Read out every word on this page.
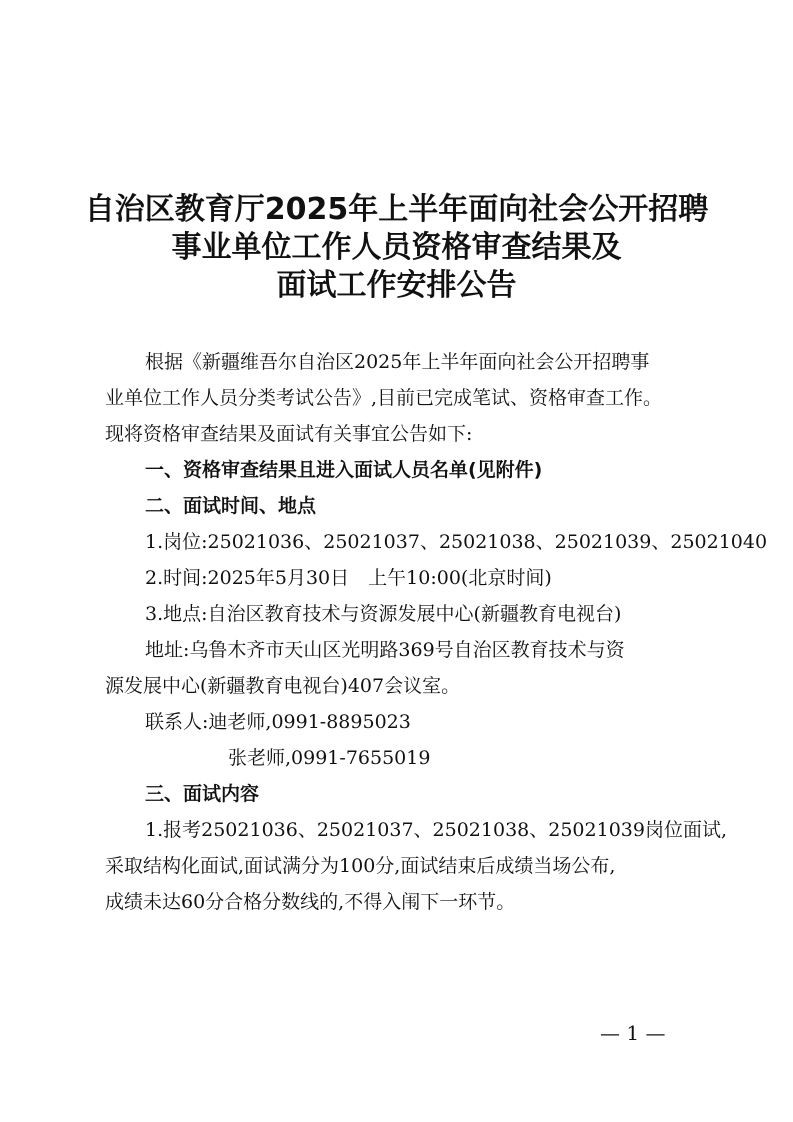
自治区教育厅2025年上半年面向社会公开招聘
事业单位工作人员资格审查结果及
面试工作安排公告
根据《新疆维吾尔自治区2025年上半年面向社会公开招聘事
业单位工作人员分类考试公告》,目前已完成笔试、资格审查工作。
现将资格审查结果及面试有关事宜公告如下:
一、资格审查结果且进入面试人员名单(见附件)
二、面试时间、地点
1.岗位:25021036、25021037、25021038、25021039、25021040
2.时间:2025年5月30日　上午10:00(北京时间)
3.地点:自治区教育技术与资源发展中心(新疆教育电视台)
地址:乌鲁木齐市天山区光明路369号自治区教育技术与资
源发展中心(新疆教育电视台)407会议室。
联系人:迪老师,0991-8895023
张老师,0991-7655019
三、面试内容
1.报考25021036、25021037、25021038、25021039岗位面试,
采取结构化面试,面试满分为100分,面试结束后成绩当场公布,
成绩未达60分合格分数线的,不得入闱下一环节。
— 1 —
